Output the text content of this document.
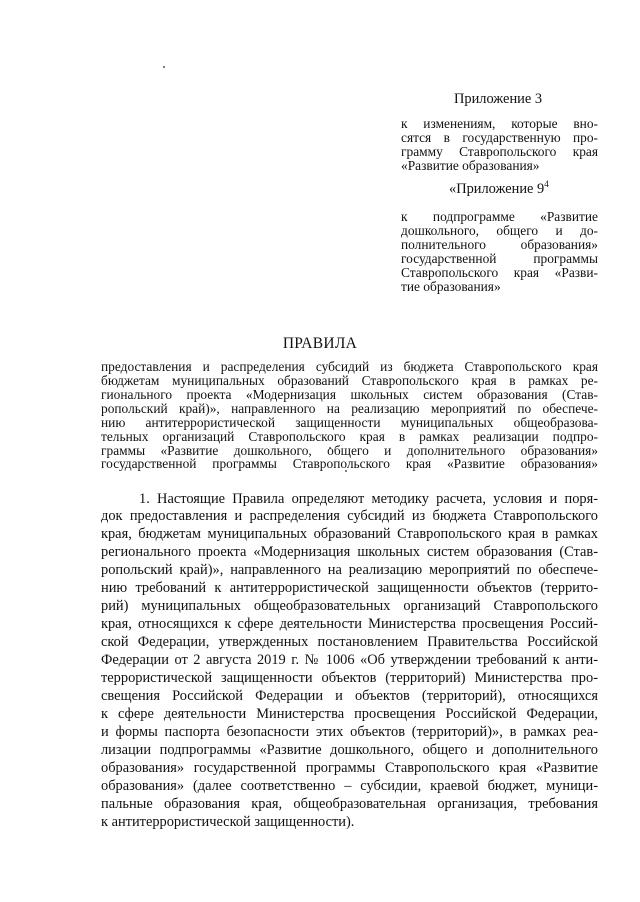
Приложение 3
к изменениям, которые вно-
сятся в государственную про-
грамму Ставропольского края
«Развитие образования»
«Приложение $9^4$
к подпрограмме «Развитие
дошкольного, общего и до-
полнительного образования»
государственной программы
Ставропольского края «Разви-
тие образования»
ПРАВИЛА
предоставления и распределения субсидий из бюджета Ставропольского края
бюджетам муниципальных образований Ставропольского края в рамках ре-
гионального проекта «Модернизация школьных систем образования (Став-
ропольский край)», направленного на реализацию мероприятий по обеспече-
нию антитеррористической защищенности муниципальных общеобразова-
тельных организаций Ставропольского края в рамках реализации подпро-
граммы «Развитие дошкольного, общего и дополнительного образования»
государственной программы Ставропольского края «Развитие образования»
1. Настоящие Правила определяют методику расчета, условия и поря-
док предоставления и распределения субсидий из бюджета Ставропольского
края, бюджетам муниципальных образований Ставропольского края в рамках
регионального проекта «Модернизация школьных систем образования (Став-
ропольский край)», направленного на реализацию мероприятий по обеспече-
нию требований к антитеррористической защищенности объектов (террито-
рий) муниципальных общеобразовательных организаций Ставропольского
края, относящихся к сфере деятельности Министерства просвещения Россий-
ской Федерации, утвержденных постановлением Правительства Российской
Федерации от 2 августа 2019 г. № 1006 «Об утверждении требований к анти-
террористической защищенности объектов (территорий) Министерства про-
свещения Российской Федерации и объектов (территорий), относящихся
к сфере деятельности Министерства просвещения Российской Федерации,
и формы паспорта безопасности этих объектов (территорий)», в рамках реа-
лизации подпрограммы «Развитие дошкольного, общего и дополнительного
образования» государственной программы Ставропольского края «Развитие
образования» (далее соответственно – субсидии, краевой бюджет, муници-
пальные образования края, общеобразовательная организация, требования
к антитеррористической защищенности).
